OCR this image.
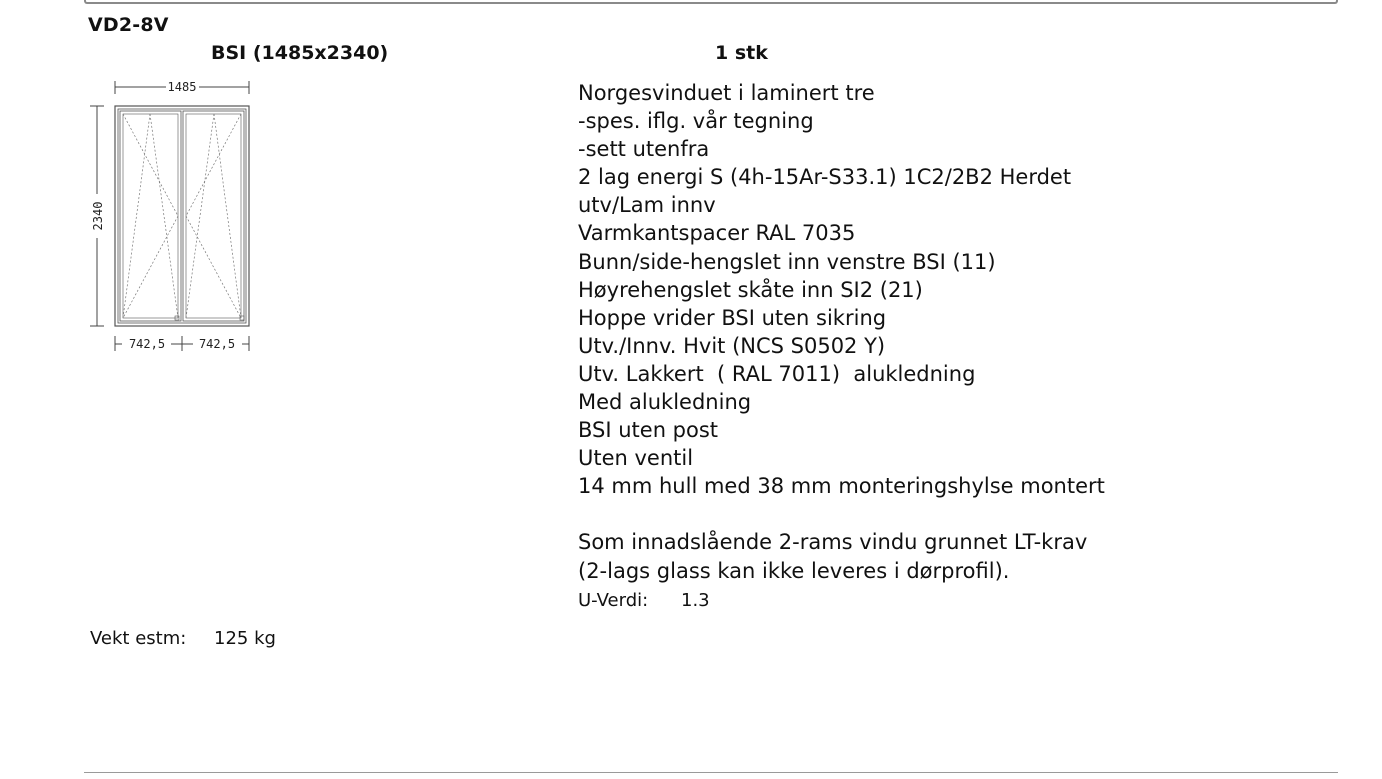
VD2-8V
BSI (1485x2340)	1 stk
1485
2340
742,5	742,5
Norgesvinduet i laminert tre
-spes. iflg. vår tegning
-sett utenfra
2 lag energi S (4h-15Ar-S33.1) 1C2/2B2 Herdet
utv/Lam innv
Varmkantspacer RAL 7035
Bunn/side-hengslet inn venstre BSI (11)
Høyrehengslet skåte inn SI2 (21)
Hoppe vrider BSI uten sikring
Utv./Innv. Hvit (NCS S0502 Y)
Utv. Lakkert  ( RAL 7011)  alukledning
Med alukledning
BSI uten post
Uten ventil
14 mm hull med 38 mm monteringshylse montert
Som innadslående 2-rams vindu grunnet LT-krav
(2-lags glass kan ikke leveres i dørprofil).
U-Verdi: 1.3
Vekt estm: 125 kg
